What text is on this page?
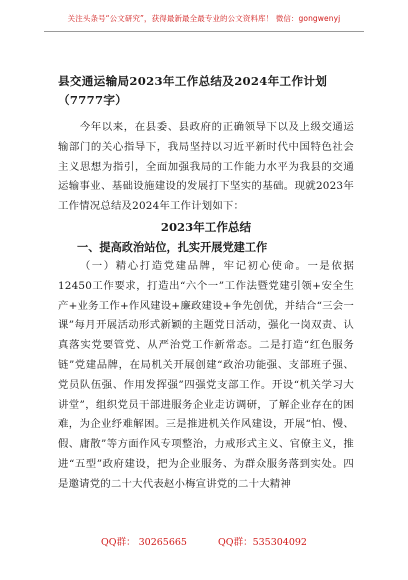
关注头条号“公文研究”，获得最新最全最专业的公文资料库！ 微信：gongwenyj

县交通运输局2023年工作总结及2024年工作计划（7777字）

今年以来，在县委、县政府的正确领导下以及上级交通运输部门的关心指导下，我局坚持以习近平新时代中国特色社会主义思想为指引，全面加强我局的工作能力水平为我县的交通运输事业、基础设施建设的发展打下坚实的基础。现就2023年工作情况总结及2024年工作计划如下：

2023年工作总结

一、提高政治站位，扎实开展党建工作

（一）精心打造党建品牌，牢记初心使命。一是依据12450工作要求，打造出“六个一”工作法暨党建引领+安全生产+业务工作+作风建设+廉政建设+争先创优，并结合“三会一课”每月开展活动形式新颖的主题党日活动，强化一岗双责、认真落实党要管党、从严治党工作新常态。二是打造“红色服务链”党建品牌，在局机关开展创建“政治功能强、支部班子强、党员队伍强、作用发挥强”四强党支部工作。开设“机关学习大讲堂”，组织党员干部进服务企业走访调研，了解企业存在的困难，为企业纾难解困。三是推进机关作风建设，开展“怕、慢、假、庸散”等方面作风专项整治，力戒形式主义、官僚主义，推进“五型”政府建设，把为企业服务、为群众服务落到实处。四是邀请党的二十大代表赵小梅宣讲党的二十大精神

QQ群： 30265665	QQ群：535304092
